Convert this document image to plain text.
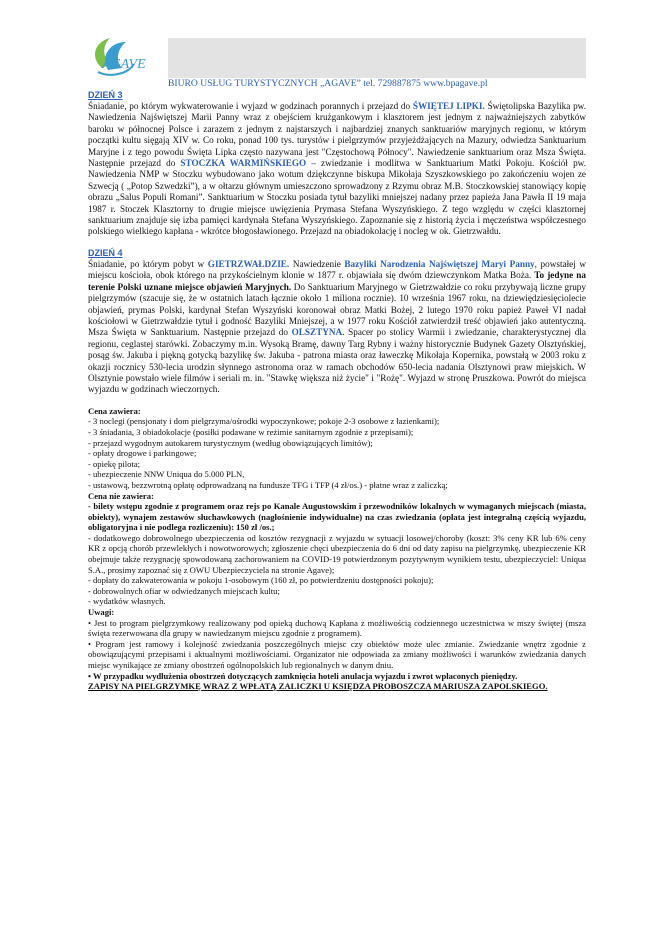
AGAVE
BIURO USŁUG TURYSTYCZNYCH „AGAVE” tel. 729887875 www.bpagave.pl
DZIEŃ 3

Śniadanie, po którym wykwaterowanie i wyjazd w godzinach porannych i przejazd do ŚWIĘTEJ LIPKI. Świętolipska Bazylika pw. Nawiedzenia Najświętszej Marii Panny wraz z obejściem krużgankowym i klasztorem jest jednym z najważniejszych zabytków baroku w północnej Polsce i zarazem z jednym z najstarszych i najbardziej znanych sanktuariów maryjnych regionu, w którym początki kultu sięgają XIV w. Co roku, ponad 100 tys. turystów i pielgrzymów przyjeżdżających na Mazury, odwiedza Sanktuarium Maryjne i z tego powodu Święta Lipka często nazywana jest "Częstochową Północy". Nawiedzenie sanktuarium oraz Msza Święta. Następnie przejazd do STOCZKA WARMIŃSKIEGO – zwiedzanie i modlitwa w Sanktuarium Matki Pokoju. Kościół pw. Nawiedzenia NMP w Stoczku wybudowano jako wotum dziękczynne biskupa Mikołaja Szyszkowskiego po zakończeniu wojen ze Szwecją ( „Potop Szwedzki”), a w ołtarzu głównym umieszczono sprowadzony z Rzymu obraz M.B. Stoczkowskiej stanowiący kopię obrazu „Salus Populi Romani”. Sanktuarium w Stoczku posiada tytuł bazyliki mniejszej nadany przez papieża Jana Pawła II 19 maja 1987 r. Stoczek Klasztorny to drugie miejsce uwięzienia Prymasa Stefana Wyszyńskiego. Z tego względu w części klasztornej sanktuarium znajduje się izba pamięci kardynała Stefana Wyszyńskiego. Zapoznanie się z historią życia i męczeństwa współczesnego polskiego wielkiego kapłana - wkrótce błogosławionego. Przejazd na obiadokolację i nocleg w ok. Gietrzwałdu.

DZIEŃ 4

Śniadanie, po którym pobyt w GIETRZWAŁDZIE. Nawiedzenie Bazyliki Narodzenia Najświętszej Maryi Panny, powstałej w miejscu kościoła, obok którego na przykościelnym klonie w 1877 r. objawiała się dwóm dziewczynkom Matka Boża. To jedyne na terenie Polski uznane miejsce objawień Maryjnych. Do Sanktuarium Maryjnego w Gietrzwałdzie co roku przybywają liczne grupy pielgrzymów (szacuje się, że w ostatnich latach łącznie około 1 miliona rocznie). 10 września 1967 roku, na dziewiędziesięciolecie objawień, prymas Polski, kardynał Stefan Wyszyński koronował obraz Matki Bożej, 2 lutego 1970 roku papież Paweł VI nadał kościołowi w Gietrzwałdzie tytuł i godność Bazyliki Mniejszej, a w 1977 roku Kościół zatwierdził treść objawień jako autentyczną. Msza Święta w Sanktuarium. Następnie przejazd do OLSZTYNA. Spacer po stolicy Warmii i zwiedzanie, charakterystycznej dla regionu, ceglastej starówki. Zobaczymy m.in. Wysoką Bramę, dawny Targ Rybny i ważny historycznie Budynek Gazety Olsztyńskiej, posąg św. Jakuba i piękną gotycką bazylikę św. Jakuba - patrona miasta oraz ławeczkę Mikołaja Kopernika, powstałą w 2003 roku z okazji rocznicy 530-lecia urodzin słynnego astronoma oraz w ramach obchodów 650-lecia nadania Olsztynowi praw miejskich. W Olsztynie powstało wiele filmów i seriali m. in. "Stawkę większa niż życie" i "Rożę". Wyjazd w stronę Pruszkowa. Powrót do miejsca wyjazdu w godzinach wieczornych.

Cena zawiera:
- 3 noclegi (pensjonaty i dom pielgrzyma/ośrodki wypoczynkowe; pokoje 2-3 osobowe z łazienkami);
- 3 śniadania, 3 obiadokolacje (posiłki podawane w reżimie sanitarnym zgodnie z przepisami);
- przejazd wygodnym autokarem turystycznym (według obowiązujących limitów);
- opłaty drogowe i parkingowe;
- opiekę pilota;
- ubezpieczenie NNW Uniqua do 5.000 PLN,
- ustawową, bezzwrotną opłatę odprowadzaną na fundusze TFG i TFP (4 zł/os.) - płatne wraz z zaliczką;
Cena nie zawiera:
- bilety wstępu zgodnie z programem oraz rejs po Kanale Augustowskim i przewodników lokalnych w wymaganych miejscach (miasta, obiekty), wynajem zestawów słuchawkowych (nagłośnienie indywidualne) na czas zwiedzania (opłata jest integralną częścią wyjazdu, obligatoryjna i nie podlega rozliczeniu): 150 zł /os.;
- dodatkowego dobrowolnego ubezpieczenia od kosztów rezygnacji z wyjazdu w sytuacji losowej/choroby (koszt: 3% ceny KR lub 6% ceny KR z opcją chorób przewlekłych i nowotworowych; zgłoszenie chęci ubezpieczenia do 6 dni od daty zapisu na pielgrzymkę, ubezpieczenie KR obejmuje także rezygnację spowodowaną zachorowaniem na COVID-19 potwierdzonym pozytywnym wynikiem testu, ubezpieczyciel: Uniqua S.A., prosimy zapoznać się z OWU Ubezpieczyciela na stronie Agave);
- dopłaty do zakwaterowania w pokoju 1-osobowym (160 zł, po potwierdzeniu dostępności pokoju);
- dobrowolnych ofiar w odwiedzanych miejscach kultu;
- wydatków własnych.
Uwagi:
• Jest to program pielgrzymkowy realizowany pod opieką duchową Kapłana z możliwością codziennego uczestnictwa w mszy świętej (msza święta rezerwowana dla grupy w nawiedzanym miejscu zgodnie z programem).
• Program jest ramowy i kolejność zwiedzania poszczególnych miejsc czy obiektów może ulec zmianie. Zwiedzanie wnętrz zgodnie z obowiązującymi przepisami i aktualnymi możliwościami. Organizator nie odpowiada za zmiany możliwości i warunków zwiedzania danych miejsc wynikające ze zmiany obostrzeń ogólnopolskich lub regionalnych w danym dniu.
• W przypadku wydłużenia obostrzeń dotyczących zamknięcia hoteli anulacja wyjazdu i zwrot wpłaconych pieniędzy.
ZAPISY NA PIELGRZYMKĘ WRAZ Z WPŁATĄ ZALICZKI U KSIĘDZA PROBOSZCZA MARIUSZA ZAPOLSKIEGO.
